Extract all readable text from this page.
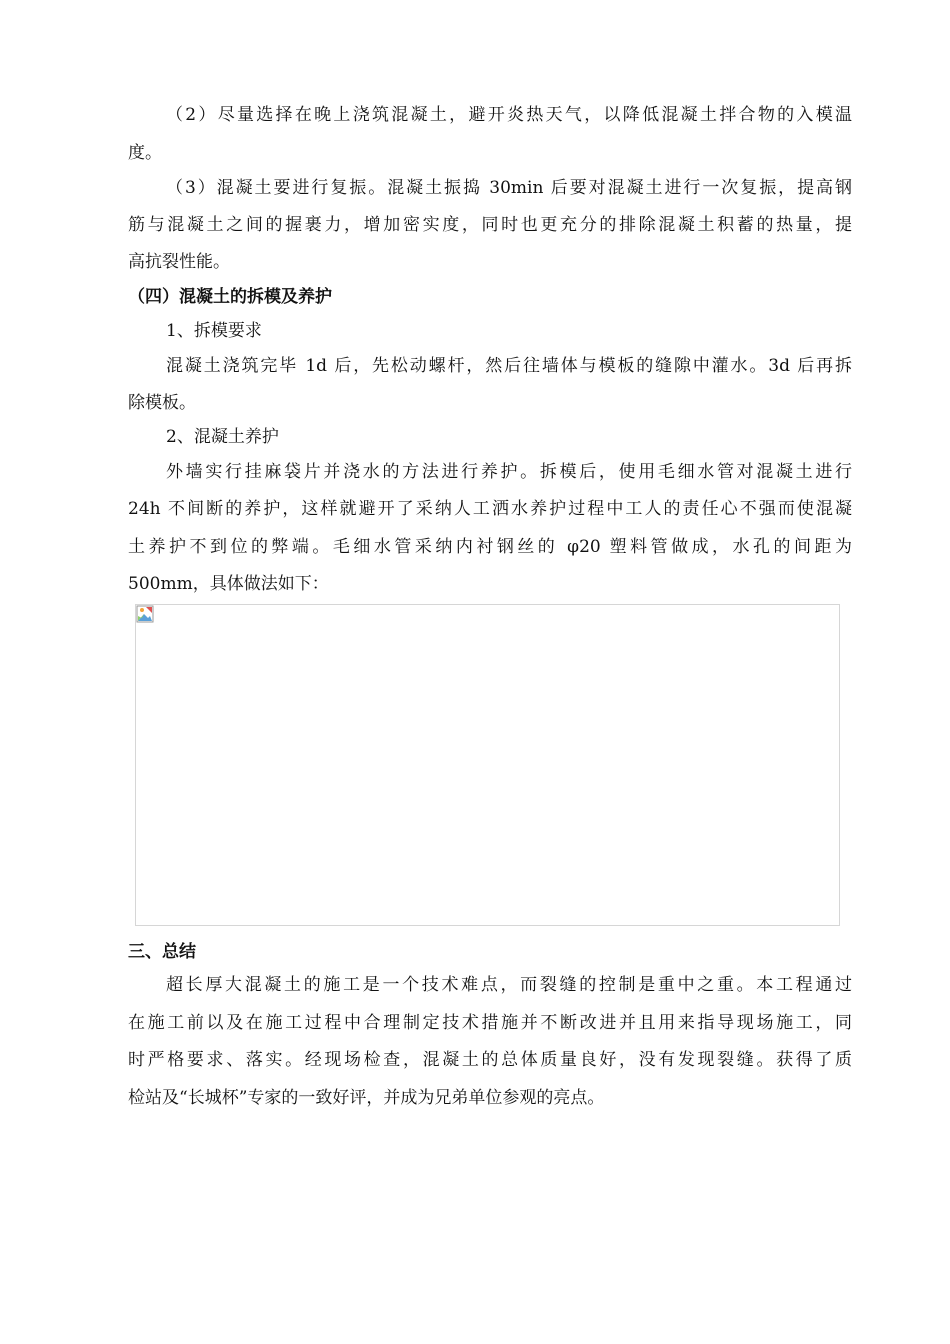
（2）尽量选择在晚上浇筑混凝土，避开炎热天气，以降低混凝土拌合物的入模温
度。
（3）混凝土要进行复振。混凝土振捣 30min 后要对混凝土进行一次复振，提高钢
筋与混凝土之间的握裹力，增加密实度，同时也更充分的排除混凝土积蓄的热量，提
高抗裂性能。
（四）混凝土的拆模及养护
1、拆模要求
混凝土浇筑完毕 1d 后，先松动螺杆，然后往墙体与模板的缝隙中灌水。3d 后再拆
除模板。
2、混凝土养护
外墙实行挂麻袋片并浇水的方法进行养护。拆模后，使用毛细水管对混凝土进行
24h 不间断的养护，这样就避开了采纳人工洒水养护过程中工人的责任心不强而使混凝
土养护不到位的弊端。毛细水管采纳内衬钢丝的 φ20 塑料管做成，水孔的间距为
500mm，具体做法如下：
三、总结
超长厚大混凝土的施工是一个技术难点，而裂缝的控制是重中之重。本工程通过
在施工前以及在施工过程中合理制定技术措施并不断改进并且用来指导现场施工，同
时严格要求、落实。经现场检查，混凝土的总体质量良好，没有发现裂缝。获得了质
检站及“长城杯”专家的一致好评，并成为兄弟单位参观的亮点。
